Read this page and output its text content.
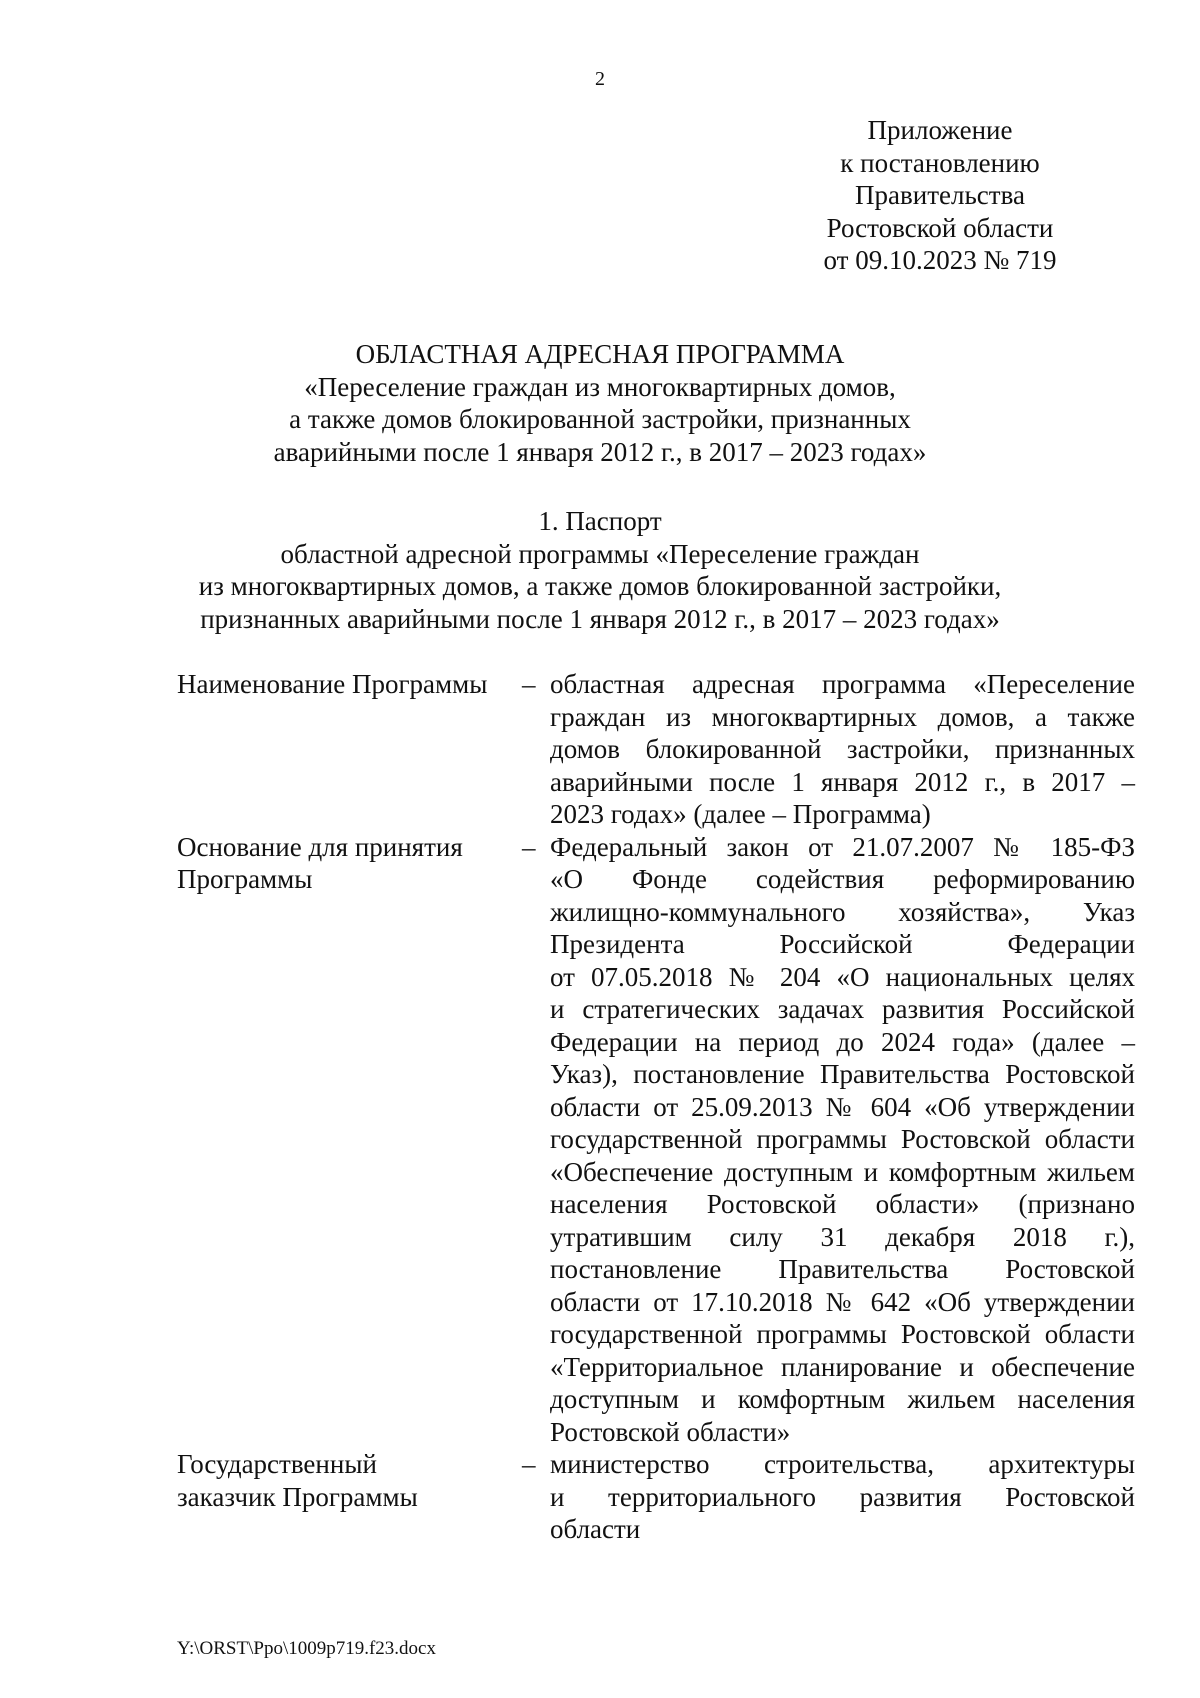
2
Приложение
к постановлению
Правительства
Ростовской области
от 09.10.2023 № 719
ОБЛАСТНАЯ АДРЕСНАЯ ПРОГРАММА
«Переселение граждан из многоквартирных домов,
а также домов блокированной застройки, признанных
аварийными после 1 января 2012 г., в 2017 – 2023 годах»
1. Паспорт
областной адресной программы «Переселение граждан
из многоквартирных домов, а также домов блокированной застройки,
признанных аварийными после 1 января 2012 г., в 2017 – 2023 годах»
Наименование Программы	– областная адресная программа «Переселение
граждан из многоквартирных домов, а также
домов блокированной застройки, признанных
аварийными после 1 января 2012 г., в 2017 –
2023 годах» (далее – Программа)
Основание для принятия
Программы
– Федеральный закон от 21.07.2007 № 185-ФЗ
«О Фонде содействия реформированию
жилищно-коммунального хозяйства», Указ
Президента Российской Федерации
от 07.05.2018 № 204 «О национальных целях
и стратегических задачах развития Российской
Федерации на период до 2024 года» (далее –
Указ), постановление Правительства Ростовской
области от 25.09.2013 № 604 «Об утверждении
государственной программы Ростовской области
«Обеспечение доступным и комфортным жильем
населения Ростовской области» (признано
утратившим силу 31 декабря 2018 г.),
постановление Правительства Ростовской
области от 17.10.2018 № 642 «Об утверждении
государственной программы Ростовской области
«Территориальное планирование и обеспечение
доступным и комфортным жильем населения
Ростовской области»
Государственный
заказчик Программы
– министерство строительства, архитектуры
и территориального развития Ростовской
области
Y:\ORST\Ppo\1009p719.f23.docx
